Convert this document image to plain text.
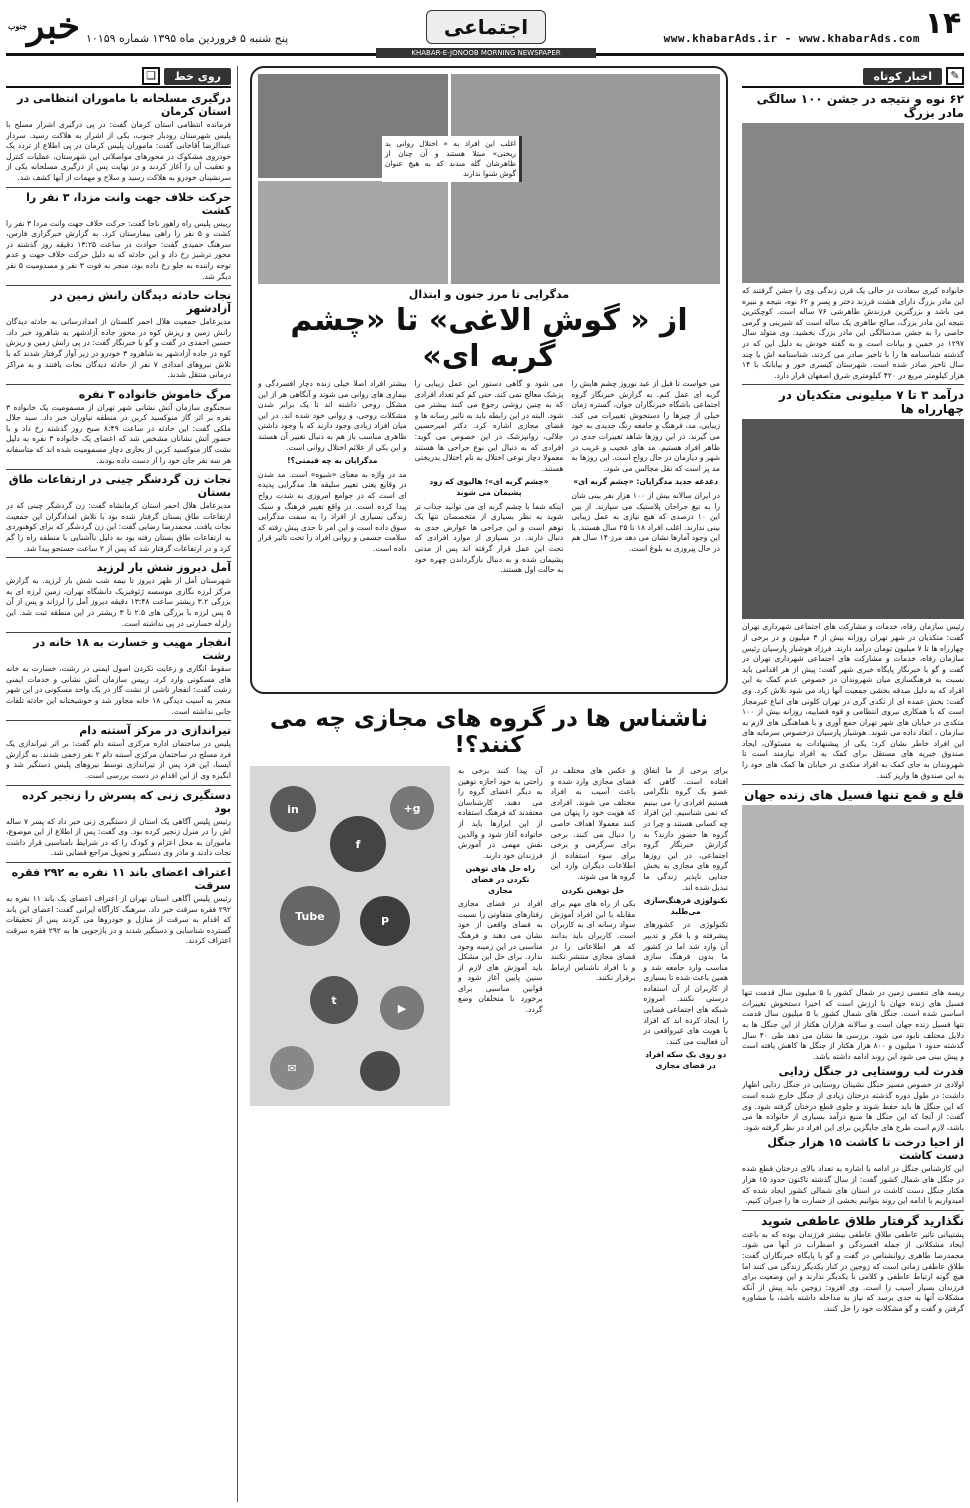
۱۴
www.khabarAds.ir - www.khabarAds.com
اجتماعی
پنج شنبه ۵ فروردین ماه ۱۳۹۵ شماره ۱۰۱۵۹
خبر$^{جنوب}$
KHABAR-E-JONOOB MORNING NEWSPAPER
✎
اخبار کوتاه
۶۲ نوه و نتیجه در جشن ۱۰۰ سالگی مادر بزرگ

خانواده کیری سعادت در حالی یک قرن زندگی وی را جشن گرفتند که این مادر بزرگ دارای هشت فرزند دختر و پسر و ۶۲ نوه، نتیجه و نبیره می باشد و بزرگترین فرزندش طاهرشی ۷۶ ساله است. کوچکترین نتیجه این مادر بزرگ، صالح طاهری یک ساله است که شیرینی و گرمی خاصی را به جشن صدسالگی این مادر بزرگ بخشید. وی متولد سال ۱۲۹۷ در خمین و بیانات است و به گفته خودش به دلیل این که در گذشته شناسنامه ها را با تاخیر صادر می کردند، شناسنامه اش با چند سال تاخیر صادر شده است. شهرستان کیسری خور و بیابانک با ۱۴ هزار کیلومتر مربع در ۴۲۰ کیلومتری شرق اصفهان قرار دارد.

درآمد ۳ تا ۷ میلیونی متکدیان در چهارراه ها

رئیس سازمان رفاه، خدمات و مشارکت های اجتماعی شهرداری تهران گفت: متکدیان در شهر تهران روزانه بیش از ۳ میلیون و در برخی از چهارراه ها تا ۷ میلیون تومان درآمد دارند. فرزاد هوشیار پارسیان رئیس سازمان رفاه، خدمات و مشارکت های اجتماعی شهرداری تهران در گفت و گو با خبرنگار پایگاه خبری شهر گفت: پیش از هر اقدامی باید نسبت به فرهنگسازی میان شهروندان در خصوص عدم کمک به این افراد که به دلیل صدقه بخشی جمعیت آنها زیاد می شود تلاش کرد. وی گفت: بخش عمده ای از تکدی گری در تهران کلونی های اتباع غیرمجاز است که با همکاری نیروی انتظامی و قوه قضاییه، روزانه بیش از ۱۰۰ متکدی در خیابان های شهر تهران جمع آوری و با هماهنگی های لازم به سازمان ، اتفاد داده می شوند. هوشیار پارسیان درخصوص سرمایه های این افراد خاطر نشان کرد: یکی از پیشنهادات به مسئولان، ایجاد صندوق خیریه های مستقل برای کمک به افراد نیازمند است تا شهروندان به جای کمک به افراد متکدی در خیابان ها کمک های خود را به این صندوق ها واریز کنند.

قلع و قمع تنها فسیل های زنده جهان

ریسه های تنفسی زمین در شمال کشور با ۵ میلیون سال قدمت تنها فسیل های زنده جهان با ارزش است که اخیرا دستخوش تغییرات اساسی شده است. جنگل های شمال کشور با ۵ میلیون سال قدمت تنها فسیل زنده جهان است و سالانه هزاران هکتار از این جنگل ها به دلایل مختلف نابود می شود. بررسی ها نشان می دهد طی ۴۰ سال گذشته حدود ۱ میلیون و ۸۰۰ هزار هکتار از جنگل ها کاهش یافته است و پیش بینی می شود این روند ادامه داشته باشد.

قدرت لب روستایی در جنگل زدایی

اولادی در خصوص مسیر جنگل نشینان روستایی در جنگل زدایی اظهار داشت: در طول دوره گذشته درختان زیادی از جنگل خارج شده است که این جنگل ها باید حفظ شوند و جلوی قطع درختان گرفته شود. وی گفت: از آنجا که این جنگل ها منبع درآمد بسیاری از خانواده ها می باشد، لازم است طرح های جایگزین برای این افراد در نظر گرفته شود.

از احیا درخت تا کاشت ۱۵ هزار جنگل دست کاشت

این کارشناس جنگل در ادامه با اشاره به تعداد بالای درختان قطع شده در جنگل های شمال کشور گفت: از سال گذشته تاکنون حدود ۱۵ هزار هکتار جنگل دست کاشت در استان های شمالی کشور ایجاد شده که امیدواریم با ادامه این روند بتوانیم بخشی از خسارت ها را جبران کنیم.

نگذارید گرفتار طلاق عاطفی شوید

پشتیبانی تاثیر عاطفی طلاق عاطفی بیشتر فرزندان بوده که به باعث ایجاد مشکلاتی از جمله افسردگی و اضطراب در آنها می شود. محمدرضا طاهری روانشناس در گفت و گو با پایگاه خبرنگاران گفت: طلاق عاطفی زمانی است که زوجین در کنار یکدیگر زندگی می کنند اما هیچ گونه ارتباط عاطفی و کلامی با یکدیگر ندارند و این وضعیت برای فرزندان بسیار آسیب زا است. وی افزود: زوجین باید پیش از آنکه مشکلات آنها به حدی برسد که نیاز به مداخله داشته باشد، با مشاوره گرفتن و گفت و گو مشکلات خود را حل کنند.

اغلب این افراد به « اختلال روانی بد ریختی» مبتلا هستند و آن چنان از ظاهرشان گله مندند که به هیچ عنوان گوش شنوا ندارند
مدگرایی تا مرز جنون و ابتذال
از « گوش الاغی» تا «چشم گربه ای»

می خواست تا قبل از عید نوروز چشم هایش را گربه ای عمل کنم. به گزارش خبرنگار گروه اجتماعی باشگاه خبرنگاران جوان، گستره زمان خیلی از چیزها را دستخوش تغییرات می کند. زیبایی، مد، فرهنگ و جامعه رنگ جدیدی به خود می گیرند. در این روزها شاهد تغییرات جدی در ظاهر افراد هستیم. مد های عجیب و غریب در شهر و دیارمان در حال رواج است. این روزها به مد پز است که نقل مجالس می شود.

دغدغه جدید مدگرایان: «چشم گربه ای»

در ایران سالانه بیش از ۱۰۰ هزار نفر بینی شان را به تیغ جراحان پلاستیک می سپارند. از بین این ۱۰ درصدی که هیچ نیازی به عمل زیبایی بینی ندارند. اغلب افراد ۱۸ تا ۲۵ سال هستند. یا این وجود آمارها نشان می دهد مرز ۱۴ سال هم در حال پیروزی به بلوغ است.

می شود و گاهی دستور این عمل زیبایی را پزشک معالج نمی کند. حتی کم کم تعداد افرادی که به چنین روشی رجوع می کنند بیشتر می شود. البته در این رابطه باید به تاثیر رسانه ها و فضای مجازی اشاره کرد. دکتر امیرحسین جلالی، روانپزشک در این خصوص می گوید: افرادی که به دنبال این نوع جراحی ها هستند معمولا دچار نوعی اختلال به نام اختلال بدریختی هستند.

«چشم گربه ای»؛ هالیوی که زود پشیمان می شوند

اینکه شما با چشم گربه ای می توانید جذاب تر شوید به نظر بسیاری از متخصصان تنها یک توهم است و این جراحی ها عوارض جدی به دنبال دارند. در بسیاری از موارد افرادی که تحت این عمل قرار گرفته اند پس از مدتی پشیمان شده و به دنبال بازگرداندن چهره خود به حالت اول هستند.

بیشتر افراد اصلا خیلی زنده دچار افسردگی و بیماری های روانی می شوند و آنگاهی هر از این مشکل روحی داشته اند تا یک برابر شدن مشکلات روحی، و روانی خود شده اند. در این میان افراد زیادی وجود دارند که با وجود داشتن ظاهری مناسب باز هم به دنبال تغییر آن هستند و این یکی از علائم اختلال روانی است.

مدگرایان به چه قیمتی؟!

مد در واژه به معنای «شیوه» است. مد شدن در وقایع یعنی تغییر سلیقه ها. مدگرایی پدیده ای است که در جوامع امروزی به شدت رواج پیدا کرده است. در واقع تغییر فرهنگ و سبک زندگی بسیاری از افراد را به سمت مدگرایی سوق داده است و این امر تا حدی پیش رفته که سلامت جسمی و روانی افراد را تحت تاثیر قرار داده است.

ناشناس ها در گروه های مجازی چه می کنند؟!

برای برخی از ما اتفاق افتاده است. گاهی که عضو یک گروه تلگرامی هستیم افرادی را می بینیم که نمی شناسیم. این افراد چه کسانی هستند و چرا در گروه ها حضور دارند؟ به گزارش خبرنگار گروه اجتماعی، در این روزها گروه های مجازی به بخش جدایی ناپذیر زندگی ما تبدیل شده اند.

تکنولوژی فرهنگ‌سازی می‌طلبد

تکنولوژی در کشورهای پیشرفته و با فکر و تدبیر آن وارد شد اما در کشور ما بدون فرهنگ سازی مناسب وارد جامعه شد و همین باعث شده تا بسیاری از کاربران از آن استفاده درستی نکنند. امروزه شبکه های اجتماعی فضایی را ایجاد کرده اند که افراد با هویت های غیرواقعی در آن فعالیت می کنند.

دو روی یک سکه افراد در فضای مجازی

و عکس های مختلف در فضای مجازی وارد شده و باعث آسیب به افراد مختلف می شوند. افرادی که هویت خود را پنهان می کنند معمولا اهداف خاصی را دنبال می کنند. برخی برای سرگرمی و برخی برای سوء استفاده از اطلاعات دیگران وارد این گروه ها می شوند.

حل توهین نکردن

یکی از راه های مهم برای مقابله با این افراد آموزش سواد رسانه ای به کاربران است. کاربران باید بدانند که هر اطلاعاتی را در فضای مجازی منتشر نکنند و با افراد ناشناس ارتباط برقرار نکنند.

آن پیدا کنند برخی به راحتی به خود اجازه توهین به دیگر اعضای گروه را می دهند. کارشناسان معتقدند که فرهنگ استفاده از این ابزارها باید از خانواده آغاز شود و والدین نقش مهمی در آموزش فرزندان خود دارند.

راه حل های توهین نکردن در فضای مجازی

افراد در فضای مجازی رفتارهای متفاوتی را نسبت به فضای واقعی از خود نشان می دهند و فرهنگ مناسبی در این زمینه وجود ندارد. برای حل این مشکل باید آموزش های لازم از سنین پایین آغاز شود و قوانین مناسبی برای برخورد با متخلفان وضع گردد.

in
f
g+
Tube	P
t
▶
✉
روی خط
❏
درگیری مسلحانه با ماموران انتظامی در استان کرمان

فرمانده انتظامی استان کرمان گفت: در پی درگیری اشرار مسلح با پلیس شهرستان رودبار جنوب، یکی از اشرار به هلاکت رسید. سردار عبدالرضا آقاخانی گفت: ماموران پلیس کرمان در پی اطلاع از تردد یک خودروی مشکوک در محورهای مواصلاتی این شهرستان، عملیات کنترل و تعقیب آن را آغاز کردند و در نهایت پس از درگیری مسلحانه یکی از سرنشینان خودرو به هلاکت رسید و سلاح و مهمات از آنها کشف شد.

حرکت خلاف جهت وانت مزدا، ۳ نفر را کشت

رییس پلیس راه راهور ناجا گفت: حرکت خلاف جهت وانت مزدا ۳ نفر را کشت و ۵ نفر را راهی بیمارستان کرد. به گزارش خبرگزاری فارس، سرهنگ حمیدی گفت: حوادث در ساعت ۱۳:۲۵ دقیقه روز گذشته در محور ترشیز رخ داد و این حادثه که به دلیل حرکت خلاف جهت و عدم توجه راننده به جلو رخ داده بود، منجر به فوت ۳ نفر و مصدومیت ۵ نفر دیگر شد.

نجات حادثه دیدگان رانش زمین در آزادشهر

مدیرعامل جمعیت هلال احمر گلستان از امدادرسانی به حادثه دیدگان رانش زمین و ریزش کوه در محور جاده آزادشهر به شاهرود خبر داد. حسین احمدی در گفت و گو با خبرنگار گفت: در پی رانش زمین و ریزش کوه در جاده آزادشهر به شاهرود ۳ خودرو در زیر آوار گرفتار شدند که با تلاش نیروهای امدادی ۷ نفر از حادثه دیدگان نجات یافتند و به مراکز درمانی منتقل شدند.

مرگ خاموش خانواده ۳ نفره

سخنگوی سازمان آتش نشانی شهر تهران از مسمومیت یک خانواده ۳ نفره بر اثر گاز منوکسید کربن در منطقه نیاوران خبر داد. سید جلال ملکی گفت: این حادثه در ساعت ۸:۴۹ صبح روز گذشته رخ داد و با حضور آتش نشانان مشخص شد که اعضای یک خانواده ۳ نفره به دلیل نشت گاز منوکسید کربن از بخاری دچار مسمومیت شده اند که متاسفانه هر سه نفر جان خود را از دست داده بودند.

نجات زن گردشگر چینی در ارتفاعات طاق بستان

مدیرعامل هلال احمر استان کرمانشاه گفت: زن گردشگر چینی که در ارتفاعات طاق بستان گرفتار شده بود با تلاش امدادگران این جمعیت نجات یافت. محمدرضا رضایی گفت: این زن گردشگر که برای کوهنوردی به ارتفاعات طاق بستان رفته بود به دلیل ناآشنایی با منطقه راه را گم کرد و در ارتفاعات گرفتار شد که پس از ۲ ساعت جستجو پیدا شد.

آمل دیروز شش بار لرزید

شهرستان آمل از ظهر دیروز تا نیمه شب شش بار لرزید. به گزارش مرکز لرزه نگاری موسسه ژئوفیزیک دانشگاه تهران، زمین لرزه ای به بزرگی ۳.۲ ریشتر ساعت ۱۳:۴۸ دقیقه دیروز آمل را لرزاند و پس از آن ۵ پس لرزه با بزرگی های ۲.۵ تا ۳ ریشتر در این منطقه ثبت شد. این زلزله خسارتی در پی نداشته است.

انفجار مهیب و خسارت به ۱۸ خانه در رشت

سقوط انگاری و رعایت نکردن اصول ایمنی در رشت، خسارت به خانه های مسکونی وارد کرد. رییس سازمان آتش نشانی و خدمات ایمنی رشت گفت: انفجار ناشی از نشت گاز در یک واحد مسکونی در این شهر منجر به آسیب دیدگی ۱۸ خانه مجاور شد و خوشبختانه این حادثه تلفات جانی نداشته است.

تیراندازی در مرکز آستنه دام

پلیس در ساختمان اداره مرکزی آستنه دام گفت: بر اثر تیراندازی یک فرد مسلح در ساختمان مرکزی آستنه دام ۲ نفر زخمی شدند. به گزارش ایسنا، این فرد پس از تیراندازی توسط نیروهای پلیس دستگیر شد و انگیزه وی از این اقدام در دست بررسی است.

دستگیری زنی که پسرش را زنجیر کرده بود

رئیس پلیس آگاهی یک استان از دستگیری زنی خبر داد که پسر ۷ ساله اش را در منزل زنجیر کرده بود. وی گفت: پس از اطلاع از این موضوع، ماموران به محل اعزام و کودک را که در شرایط نامناسبی قرار داشت نجات دادند و مادر وی دستگیر و تحویل مراجع قضایی شد.

اعتراف اعضای باند ۱۱ نفره به ۲۹۲ فقره سرقت

رئیس پلیس آگاهی استان تهران از اعتراف اعضای یک باند ۱۱ نفره به ۲۹۲ فقره سرقت خبر داد. سرهنگ کارآگاه ایرانی گفت: اعضای این باند که اقدام به سرقت از منازل و خودروها می کردند پس از تحقیقات گسترده شناسایی و دستگیر شدند و در بازجویی ها به ۲۹۲ فقره سرقت اعتراف کردند.
